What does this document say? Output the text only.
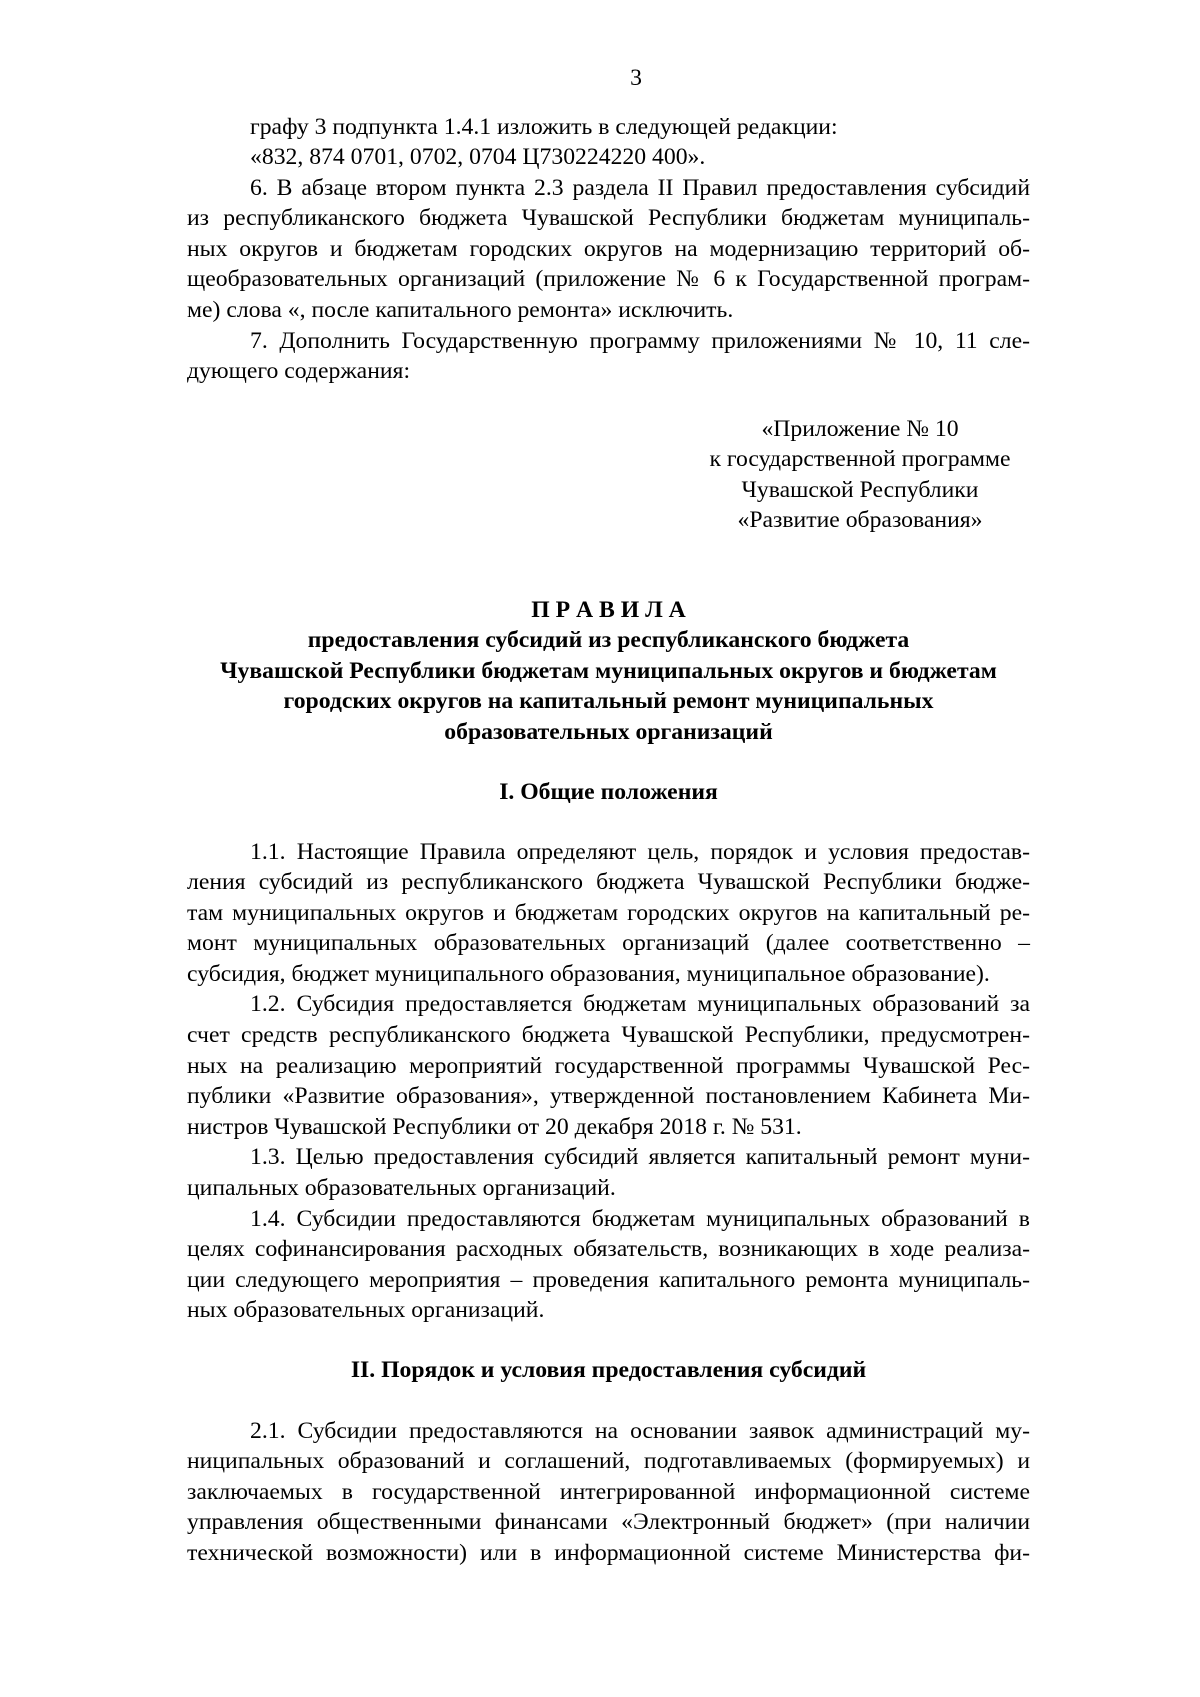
3
графу 3 подпункта 1.4.1 изложить в следующей редакции:
«832, 874 0701, 0702, 0704 Ц730224220 400».
6. В абзаце втором пункта 2.3 раздела II Правил предоставления субсидий
из республиканского бюджета Чувашской Республики бюджетам муниципаль-
ных округов и бюджетам городских округов на модернизацию территорий об-
щеобразовательных организаций (приложение № 6 к Государственной програм-
ме) слова «, после капитального ремонта» исключить.
7. Дополнить Государственную программу приложениями № 10, 11 сле-
дующего содержания:
«Приложение № 10
к государственной программе
Чувашской Республики
«Развитие образования»
П Р А В И Л А
предоставления субсидий из республиканского бюджета
Чувашской Республики бюджетам муниципальных округов и бюджетам
городских округов на капитальный ремонт муниципальных
образовательных организаций
I. Общие положения
1.1. Настоящие Правила определяют цель, порядок и условия предостав-
ления субсидий из республиканского бюджета Чувашской Республики бюдже-
там муниципальных округов и бюджетам городских округов на капитальный ре-
монт муниципальных образовательных организаций (далее соответственно –
субсидия, бюджет муниципального образования, муниципальное образование).
1.2. Субсидия предоставляется бюджетам муниципальных образований за
счет средств республиканского бюджета Чувашской Республики, предусмотрен-
ных на реализацию мероприятий государственной программы Чувашской Рес-
публики «Развитие образования», утвержденной постановлением Кабинета Ми-
нистров Чувашской Республики от 20 декабря 2018 г. № 531.
1.3. Целью предоставления субсидий является капитальный ремонт муни-
ципальных образовательных организаций.
1.4. Субсидии предоставляются бюджетам муниципальных образований в
целях софинансирования расходных обязательств, возникающих в ходе реализа-
ции следующего мероприятия – проведения капитального ремонта муниципаль-
ных образовательных организаций.
II. Порядок и условия предоставления субсидий
2.1. Субсидии предоставляются на основании заявок администраций му-
ниципальных образований и соглашений, подготавливаемых (формируемых) и
заключаемых в государственной интегрированной информационной системе
управления общественными финансами «Электронный бюджет» (при наличии
технической возможности) или в информационной системе Министерства фи-
